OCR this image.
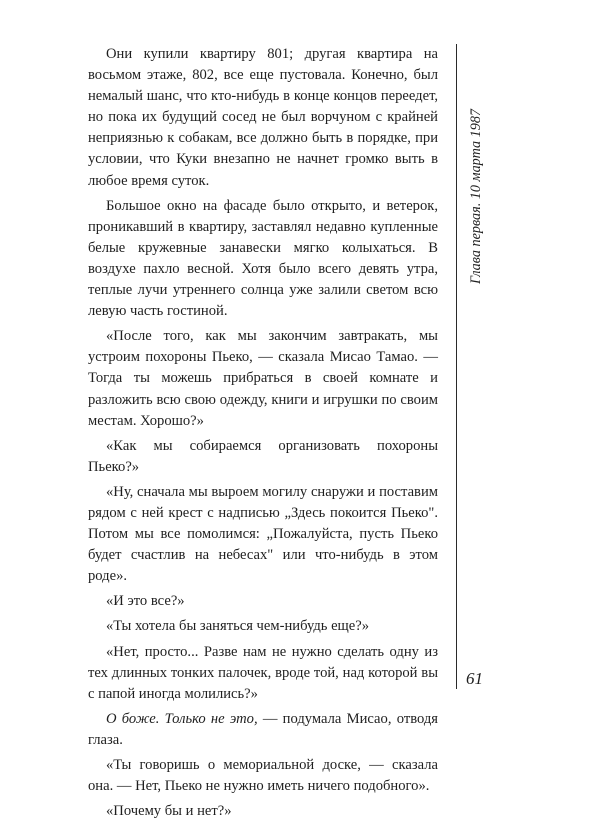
Они купили квартиру 801; другая квартира на восьмом этаже, 802, все еще пустовала. Конечно, был немалый шанс, что кто-нибудь в конце концов переедет, но пока их будущий сосед не был ворчуном с крайней неприязнью к собакам, все должно быть в порядке, при условии, что Куки внезапно не начнет громко выть в любое время суток.

Большое окно на фасаде было открыто, и ветерок, проникавший в квартиру, заставлял недавно купленные белые кружевные занавески мягко колыхаться. В воздухе пахло весной. Хотя было всего девять утра, теплые лучи утреннего солнца уже залили светом всю левую часть гостиной.

«После того, как мы закончим завтракать, мы устроим похороны Пьеко, — сказала Мисао Тамао. — Тогда ты можешь прибраться в своей комнате и разложить всю свою одежду, книги и игрушки по своим местам. Хорошо?»

«Как мы собираемся организовать похороны Пьеко?»

«Ну, сначала мы выроем могилу снаружи и поставим рядом с ней крест с надписью „Здесь покоится Пьеко". Потом мы все помолимся: „Пожалуйста, пусть Пьеко будет счастлив на небесах" или что-нибудь в этом роде».

«И это все?»

«Ты хотела бы заняться чем-нибудь еще?»

«Нет, просто... Разве нам не нужно сделать одну из тех длинных тонких палочек, вроде той, над которой вы с папой иногда молились?»

О боже. Только не это, — подумала Мисао, отводя глаза.

«Ты говоришь о мемориальной доске, — сказала она. — Нет, Пьеко не нужно иметь ничего подобного».

«Почему бы и нет?»

Глава первая. 10 марта 1987
61
